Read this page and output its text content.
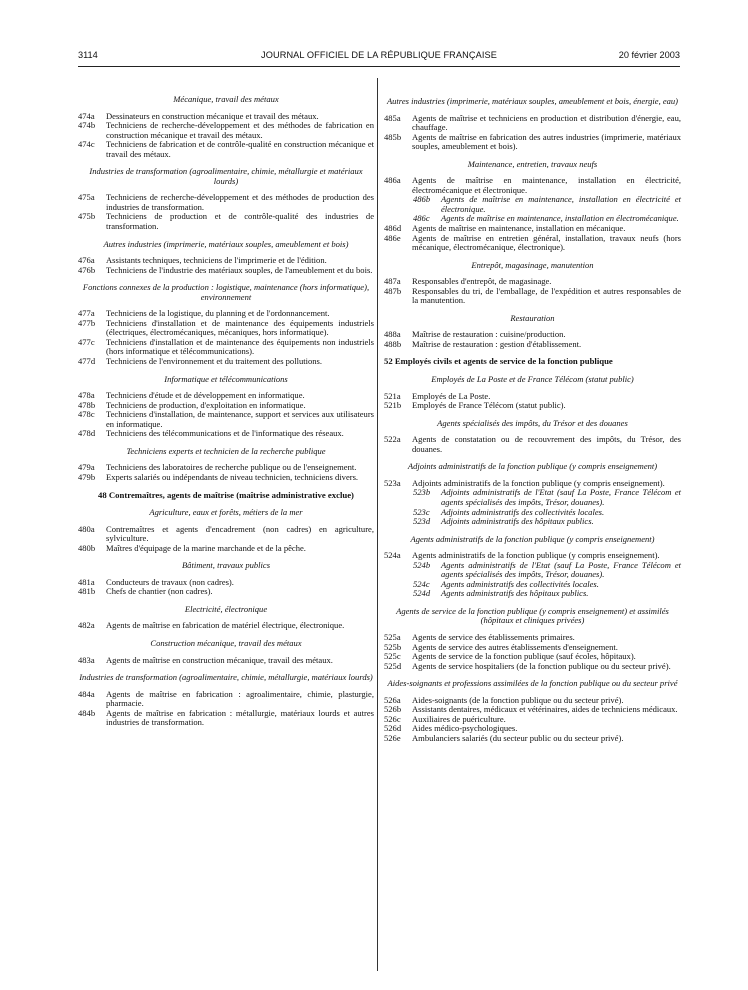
3114	JOURNAL OFFICIEL DE LA RÉPUBLIQUE FRANÇAISE	20 février 2003
Mécanique, travail des métaux
474a Dessinateurs en construction mécanique et travail des métaux.
474b Techniciens de recherche-développement et des méthodes de fabrication en construction mécanique et travail des métaux.
474c Techniciens de fabrication et de contrôle-qualité en construction mécanique et travail des métaux.
Industries de transformation (agroalimentaire, chimie, métallurgie et matériaux lourds)
475a Techniciens de recherche-développement et des méthodes de production des industries de transformation.
475b Techniciens de production et de contrôle-qualité des industries de transformation.
Autres industries (imprimerie, matériaux souples, ameublement et bois)
476a Assistants techniques, techniciens de l'imprimerie et de l'édition.
476b Techniciens de l'industrie des matériaux souples, de l'ameublement et du bois.
Fonctions connexes de la production : logistique, maintenance (hors informatique), environnement
477a Techniciens de la logistique, du planning et de l'ordonnancement.
477b Techniciens d'installation et de maintenance des équipements industriels (électriques, électromécaniques, mécaniques, hors informatique).
477c Techniciens d'installation et de maintenance des équipements non industriels (hors informatique et télécommunications).
477d Techniciens de l'environnement et du traitement des pollutions.
Informatique et télécommunications
478a Techniciens d'étude et de développement en informatique.
478b Techniciens de production, d'exploitation en informatique.
478c Techniciens d'installation, de maintenance, support et services aux utilisateurs en informatique.
478d Techniciens des télécommunications et de l'informatique des réseaux.
Techniciens experts et technicien de la recherche publique
479a Techniciens des laboratoires de recherche publique ou de l'enseignement.
479b Experts salariés ou indépendants de niveau technicien, techniciens divers.
48 Contremaîtres, agents de maîtrise (maîtrise administrative exclue)
Agriculture, eaux et forêts, métiers de la mer
480a Contremaîtres et agents d'encadrement (non cadres) en agriculture, sylviculture.
480b Maîtres d'équipage de la marine marchande et de la pêche.
Bâtiment, travaux publics
481a Conducteurs de travaux (non cadres).
481b Chefs de chantier (non cadres).
Electricité, électronique
482a Agents de maîtrise en fabrication de matériel électrique, électronique.
Construction mécanique, travail des métaux
483a Agents de maîtrise en construction mécanique, travail des métaux.
Industries de transformation (agroalimentaire, chimie, métallurgie, matériaux lourds)
484a Agents de maîtrise en fabrication : agroalimentaire, chimie, plasturgie, pharmacie.
484b Agents de maîtrise en fabrication : métallurgie, matériaux lourds et autres industries de transformation.
Autres industries (imprimerie, matériaux souples, ameublement et bois, énergie, eau)
485a Agents de maîtrise et techniciens en production et distribution d'énergie, eau, chauffage.
485b Agents de maîtrise en fabrication des autres industries (imprimerie, matériaux souples, ameublement et bois).
Maintenance, entretien, travaux neufs
486a Agents de maîtrise en maintenance, installation en électricité, électromécanique et électronique.
486b Agents de maîtrise en maintenance, installation en électricité et électronique.
486c Agents de maîtrise en maintenance, installation en électromécanique.
486d Agents de maîtrise en maintenance, installation en mécanique.
486e Agents de maîtrise en entretien général, installation, travaux neufs (hors mécanique, électromécanique, électronique).
Entrepôt, magasinage, manutention
487a Responsables d'entrepôt, de magasinage.
487b Responsables du tri, de l'emballage, de l'expédition et autres responsables de la manutention.
Restauration
488a Maîtrise de restauration : cuisine/production.
488b Maîtrise de restauration : gestion d'établissement.
52 Employés civils et agents de service de la fonction publique
Employés de La Poste et de France Télécom (statut public)
521a Employés de La Poste.
521b Employés de France Télécom (statut public).
Agents spécialisés des impôts, du Trésor et des douanes
522a Agents de constatation ou de recouvrement des impôts, du Trésor, des douanes.
Adjoints administratifs de la fonction publique (y compris enseignement)
523a Adjoints administratifs de la fonction publique (y compris enseignement).
523b Adjoints administratifs de l'Etat (sauf La Poste, France Télécom et agents spécialisés des impôts, Trésor, douanes).
523c Adjoints administratifs des collectivités locales.
523d Adjoints administratifs des hôpitaux publics.
Agents administratifs de la fonction publique (y compris enseignement)
524a Agents administratifs de la fonction publique (y compris enseignement).
524b Agents administratifs de l'Etat (sauf La Poste, France Télécom et agents spécialisés des impôts, Trésor, douanes).
524c Agents administratifs des collectivités locales.
524d Agents administratifs des hôpitaux publics.
Agents de service de la fonction publique (y compris enseignement) et assimilés (hôpitaux et cliniques privées)
525a Agents de service des établissements primaires.
525b Agents de service des autres établissements d'enseignement.
525c Agents de service de la fonction publique (sauf écoles, hôpitaux).
525d Agents de service hospitaliers (de la fonction publique ou du secteur privé).
Aides-soignants et professions assimilées de la fonction publique ou du secteur privé
526a Aides-soignants (de la fonction publique ou du secteur privé).
526b Assistants dentaires, médicaux et vétérinaires, aides de techniciens médicaux.
526c Auxiliaires de puériculture.
526d Aides médico-psychologiques.
526e Ambulanciers salariés (du secteur public ou du secteur privé).
